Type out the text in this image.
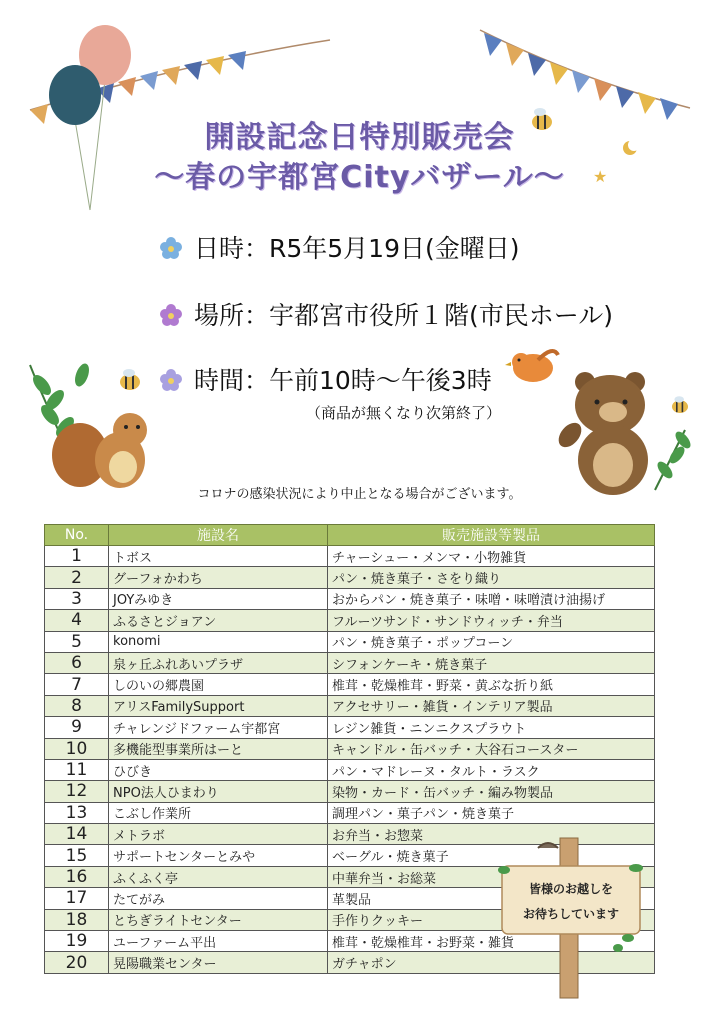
★
開設記念日特別販売会
～春の宇都宮Cityバザール～
日時：R5年5月19日(金曜日)
場所：宇都宮市役所１階(市民ホール)
時間：午前10時～午後3時
（商品が無くなり次第終了）
コロナの感染状況により中止となる場合がございます。
No.	施設名	販売施設等製品
1	トボス	チャーシュー・メンマ・小物雑貨
2	グーフォかわち	パン・焼き菓子・さをり織り
3	JOYみゆき	おからパン・焼き菓子・味噌・味噌漬け油揚げ
4	ふるさとジョアン	フルーツサンド・サンドウィッチ・弁当
5	konomi	パン・焼き菓子・ポップコーン
6	泉ヶ丘ふれあいプラザ	シフォンケーキ・焼き菓子
7	しのいの郷農園	椎茸・乾燥椎茸・野菜・黄ぶな折り紙
8	アリスFamilySupport	アクセサリー・雑貨・インテリア製品
9	チャレンジドファーム宇都宮	レジン雑貨・ニンニクスプラウト
10	多機能型事業所はーと	キャンドル・缶バッチ・大谷石コースター
11	ひびき	パン・マドレーヌ・タルト・ラスク
12	NPO法人ひまわり	染物・カード・缶バッチ・編み物製品
13	こぶし作業所	調理パン・菓子パン・焼き菓子
14	メトラボ	お弁当・お惣菜
15	サポートセンターとみや	ベーグル・焼き菓子
16	ふくふく亭	中華弁当・お総菜
17	たてがみ	革製品
18	とちぎライトセンター	手作りクッキー
19	ユーファーム平出	椎茸・乾燥椎茸・お野菜・雑貨
20	晃陽職業センター	ガチャポン
皆様のお越しを
お待ちしています
